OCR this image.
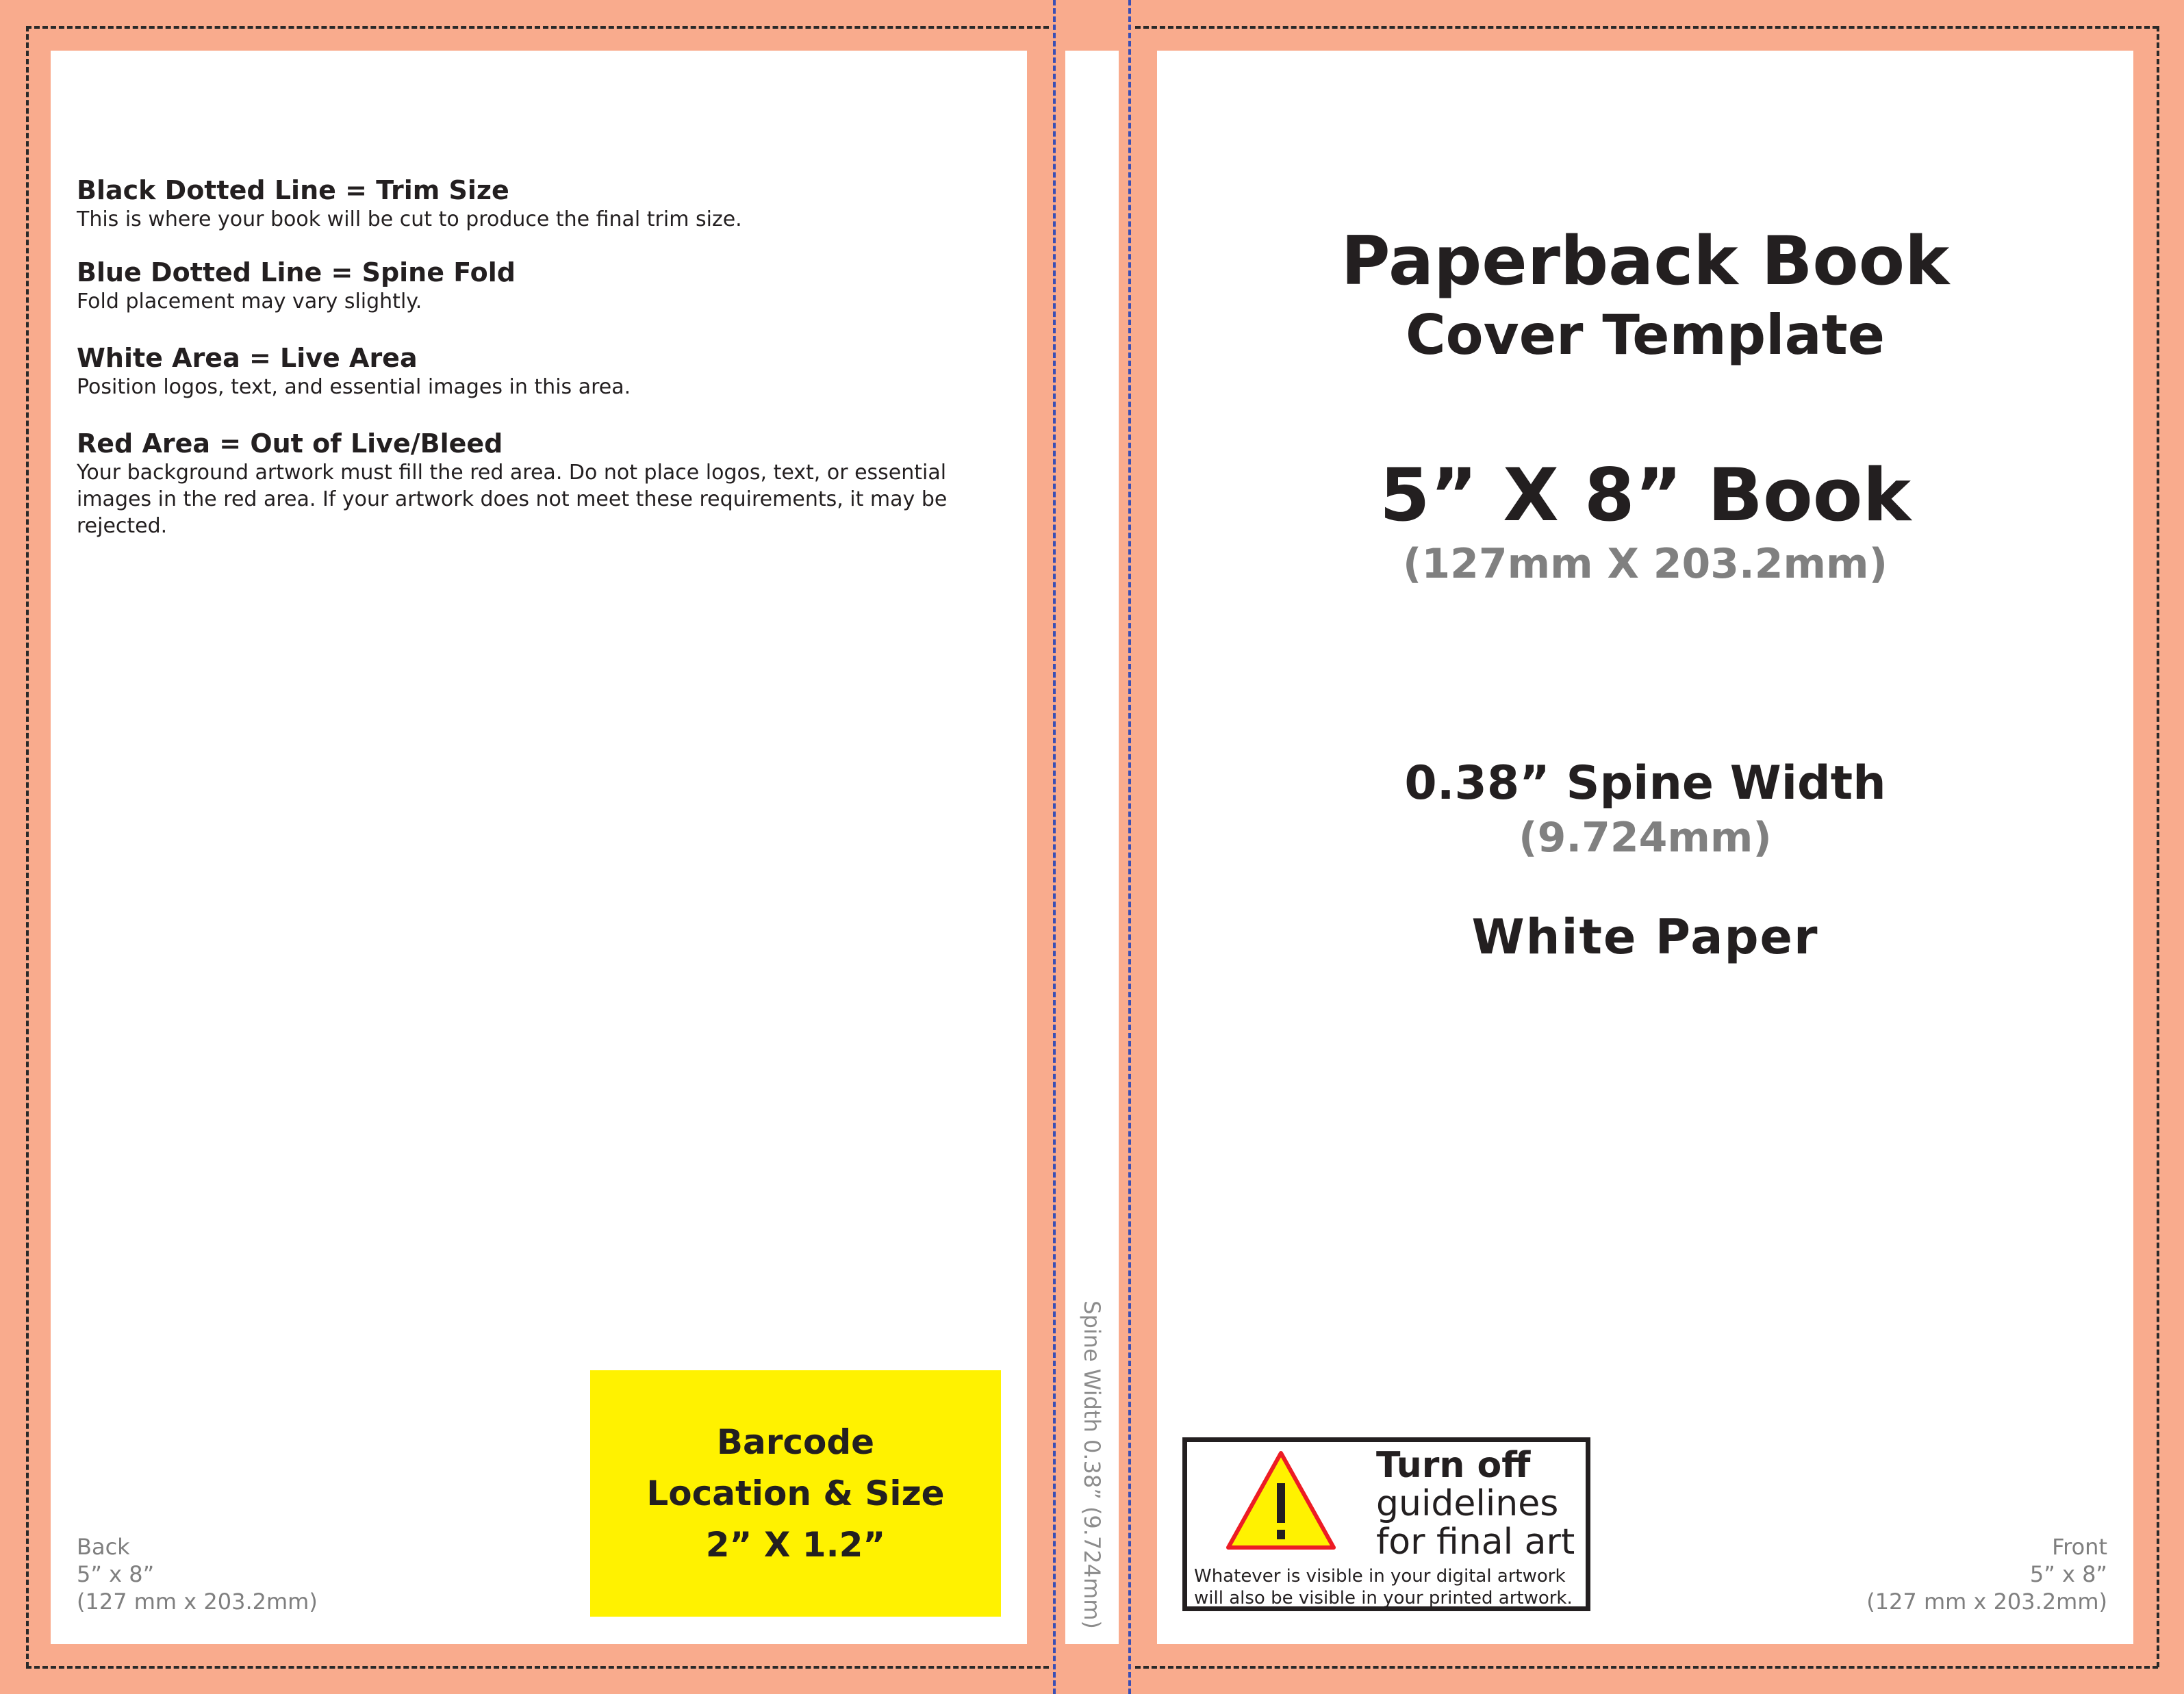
Black Dotted Line = Trim Size

This is where your book will be cut to produce the final trim size.

Blue Dotted Line = Spine Fold

Fold placement may vary slightly.

White Area = Live Area

Position logos, text, and essential images in this area.

Red Area = Out of Live/Bleed

Your background artwork must fill the red area. Do not place logos, text, or essential images in the red area. If your artwork does not meet these requirements, it may be rejected.

Back
5” x 8”
(127 mm x 203.2mm)
Barcode
Location & Size
2” X 1.2”	Spine Width 0.38” (9.724mm)
Paperback Book
Cover Template
5” X 8” Book
(127mm X 203.2mm)
0.38” Spine Width
(9.724mm)
White Paper
Turn off
guidelines
for final art
Whatever is visible in your digital artwork
will also be visible in your printed artwork.
Front
5” x 8”
(127 mm x 203.2mm)
